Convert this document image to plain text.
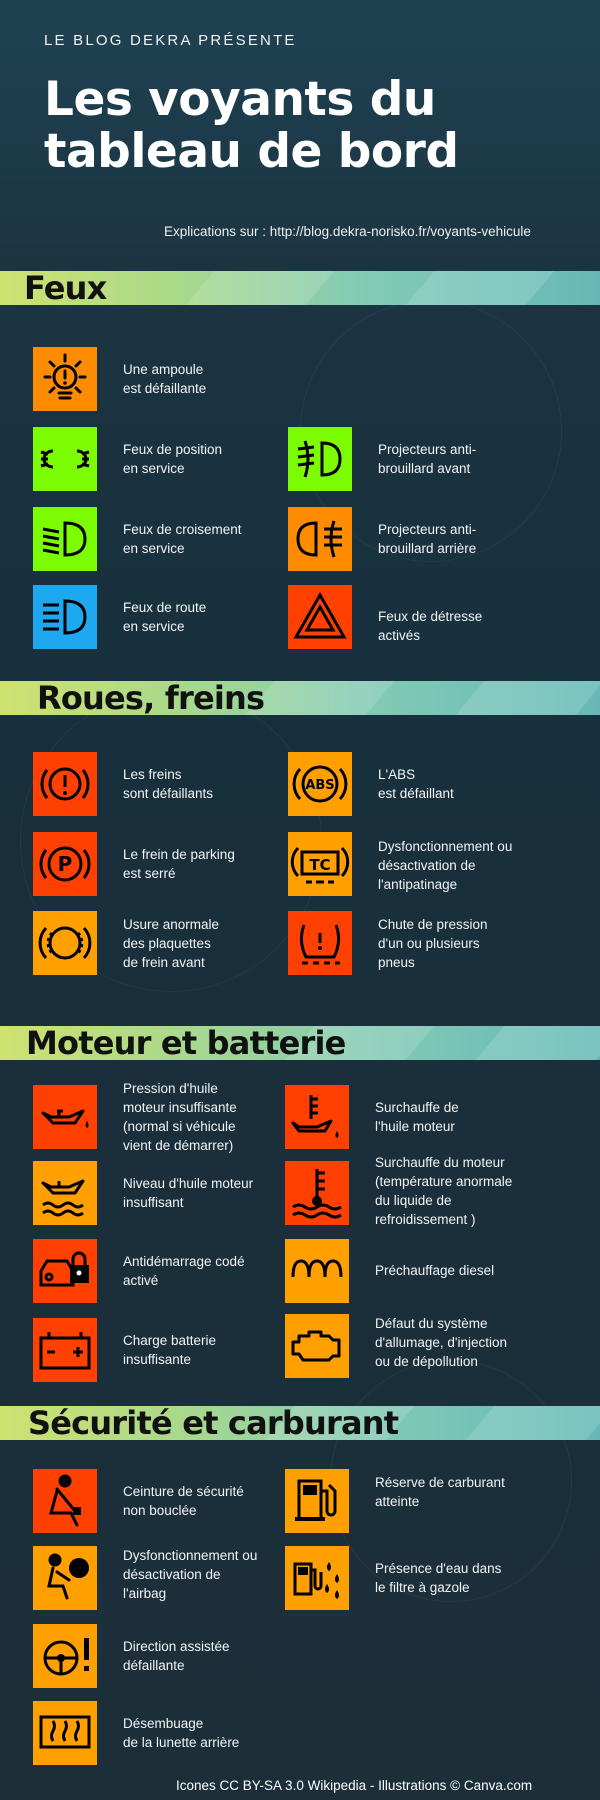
LE BLOG DEKRA PRÉSENTE
Les voyants du
tableau de bord
Explications sur : http://blog.dekra-norisko.fr/voyants-vehicule
Feux
Roues, freins
Moteur et batterie
Sécurité et carburant
Une ampoule
est défaillante
Feux de position
en service
Projecteurs anti-
brouillard avant
Feux de croisement
en service
Projecteurs anti-
brouillard arrière
Feux de route
en service
Feux de détresse
activés
Les freins
sont défaillants
ABS
L'ABS
est défaillant
P	Le frein de parking
est serré	TC
Dysfonctionnement ou
désactivation de
l'antipatinage
Usure anormale
des plaquettes
de frein avant
Chute de pression
d'un ou plusieurs
pneus
Pression d'huile
moteur insuffisante
(normal si véhicule
vient de démarrer)
Surchauffe de
l'huile moteur
Niveau d'huile moteur
insuffisant
Surchauffe du moteur
(température anormale
du liquide de
refroidissement )
Antidémarrage codé
activé
Préchauffage diesel
Charge batterie
insuffisante
Défaut du système
d'allumage, d'injection
ou de dépollution
Ceinture de sécurité
non bouclée
Réserve de carburant
atteinte
Dysfonctionnement ou
désactivation de
l'airbag
Présence d'eau dans
le filtre à gazole
Direction assistée
défaillante
Désembuage
de la lunette arrière
Icones CC BY-SA 3.0 Wikipedia - Illustrations © Canva.com
